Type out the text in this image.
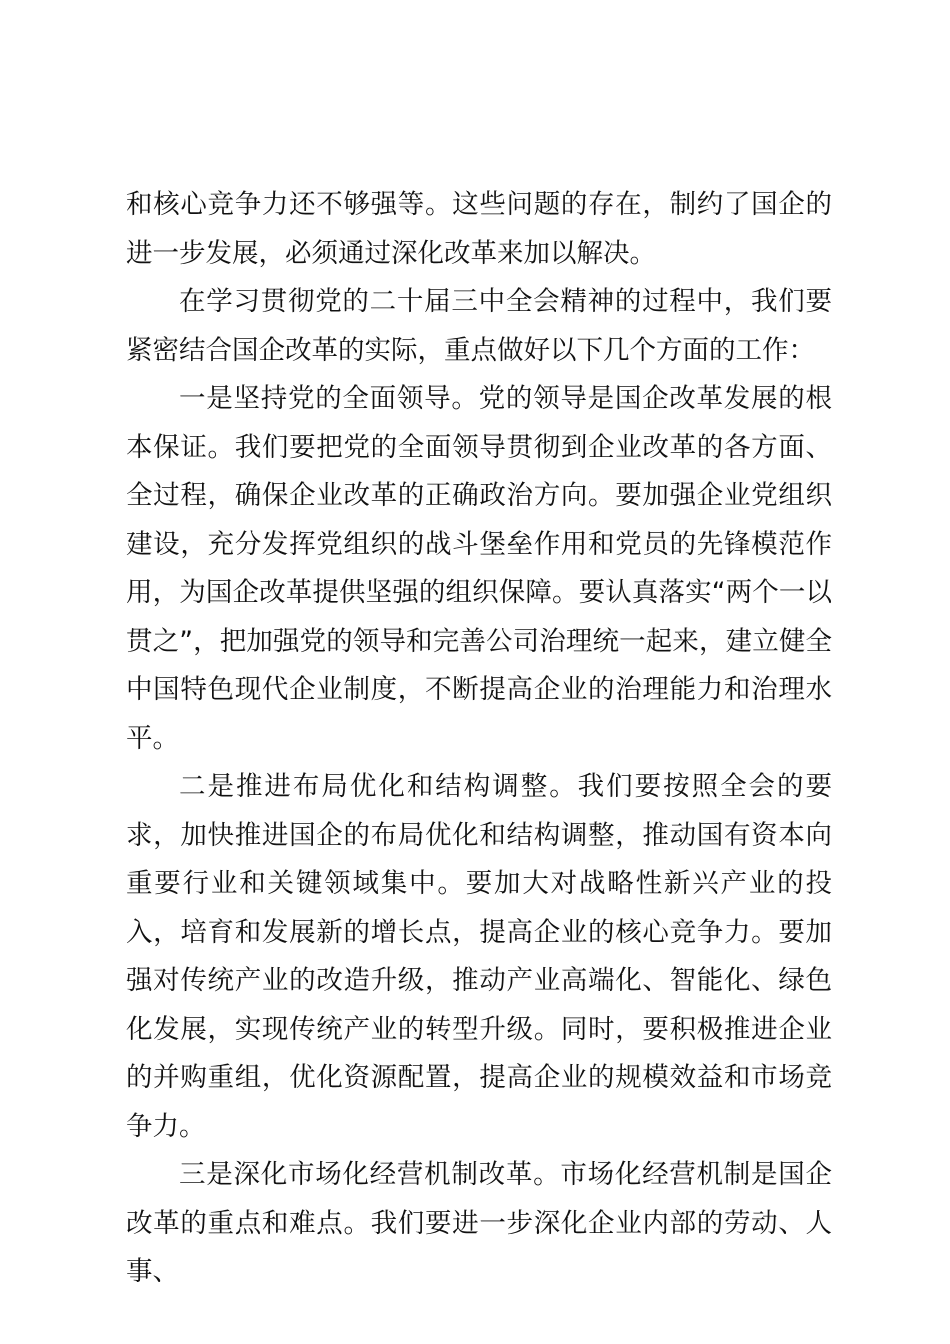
和核心竞争力还不够强等。这些问题的存在，制约了国企的进一步发展，必须通过深化改革来加以解决。

在学习贯彻党的二十届三中全会精神的过程中，我们要紧密结合国企改革的实际，重点做好以下几个方面的工作：

一是坚持党的全面领导。党的领导是国企改革发展的根本保证。我们要把党的全面领导贯彻到企业改革的各方面、全过程，确保企业改革的正确政治方向。要加强企业党组织建设，充分发挥党组织的战斗堡垒作用和党员的先锋模范作用，为国企改革提供坚强的组织保障。要认真落实“两个一以贯之”，把加强党的领导和完善公司治理统一起来，建立健全中国特色现代企业制度，不断提高企业的治理能力和治理水平。

二是推进布局优化和结构调整。我们要按照全会的要求，加快推进国企的布局优化和结构调整，推动国有资本向重要行业和关键领域集中。要加大对战略性新兴产业的投入，培育和发展新的增长点，提高企业的核心竞争力。要加强对传统产业的改造升级，推动产业高端化、智能化、绿色化发展，实现传统产业的转型升级。同时，要积极推进企业的并购重组，优化资源配置，提高企业的规模效益和市场竞争力。

三是深化市场化经营机制改革。市场化经营机制是国企改革的重点和难点。我们要进一步深化企业内部的劳动、人事、
